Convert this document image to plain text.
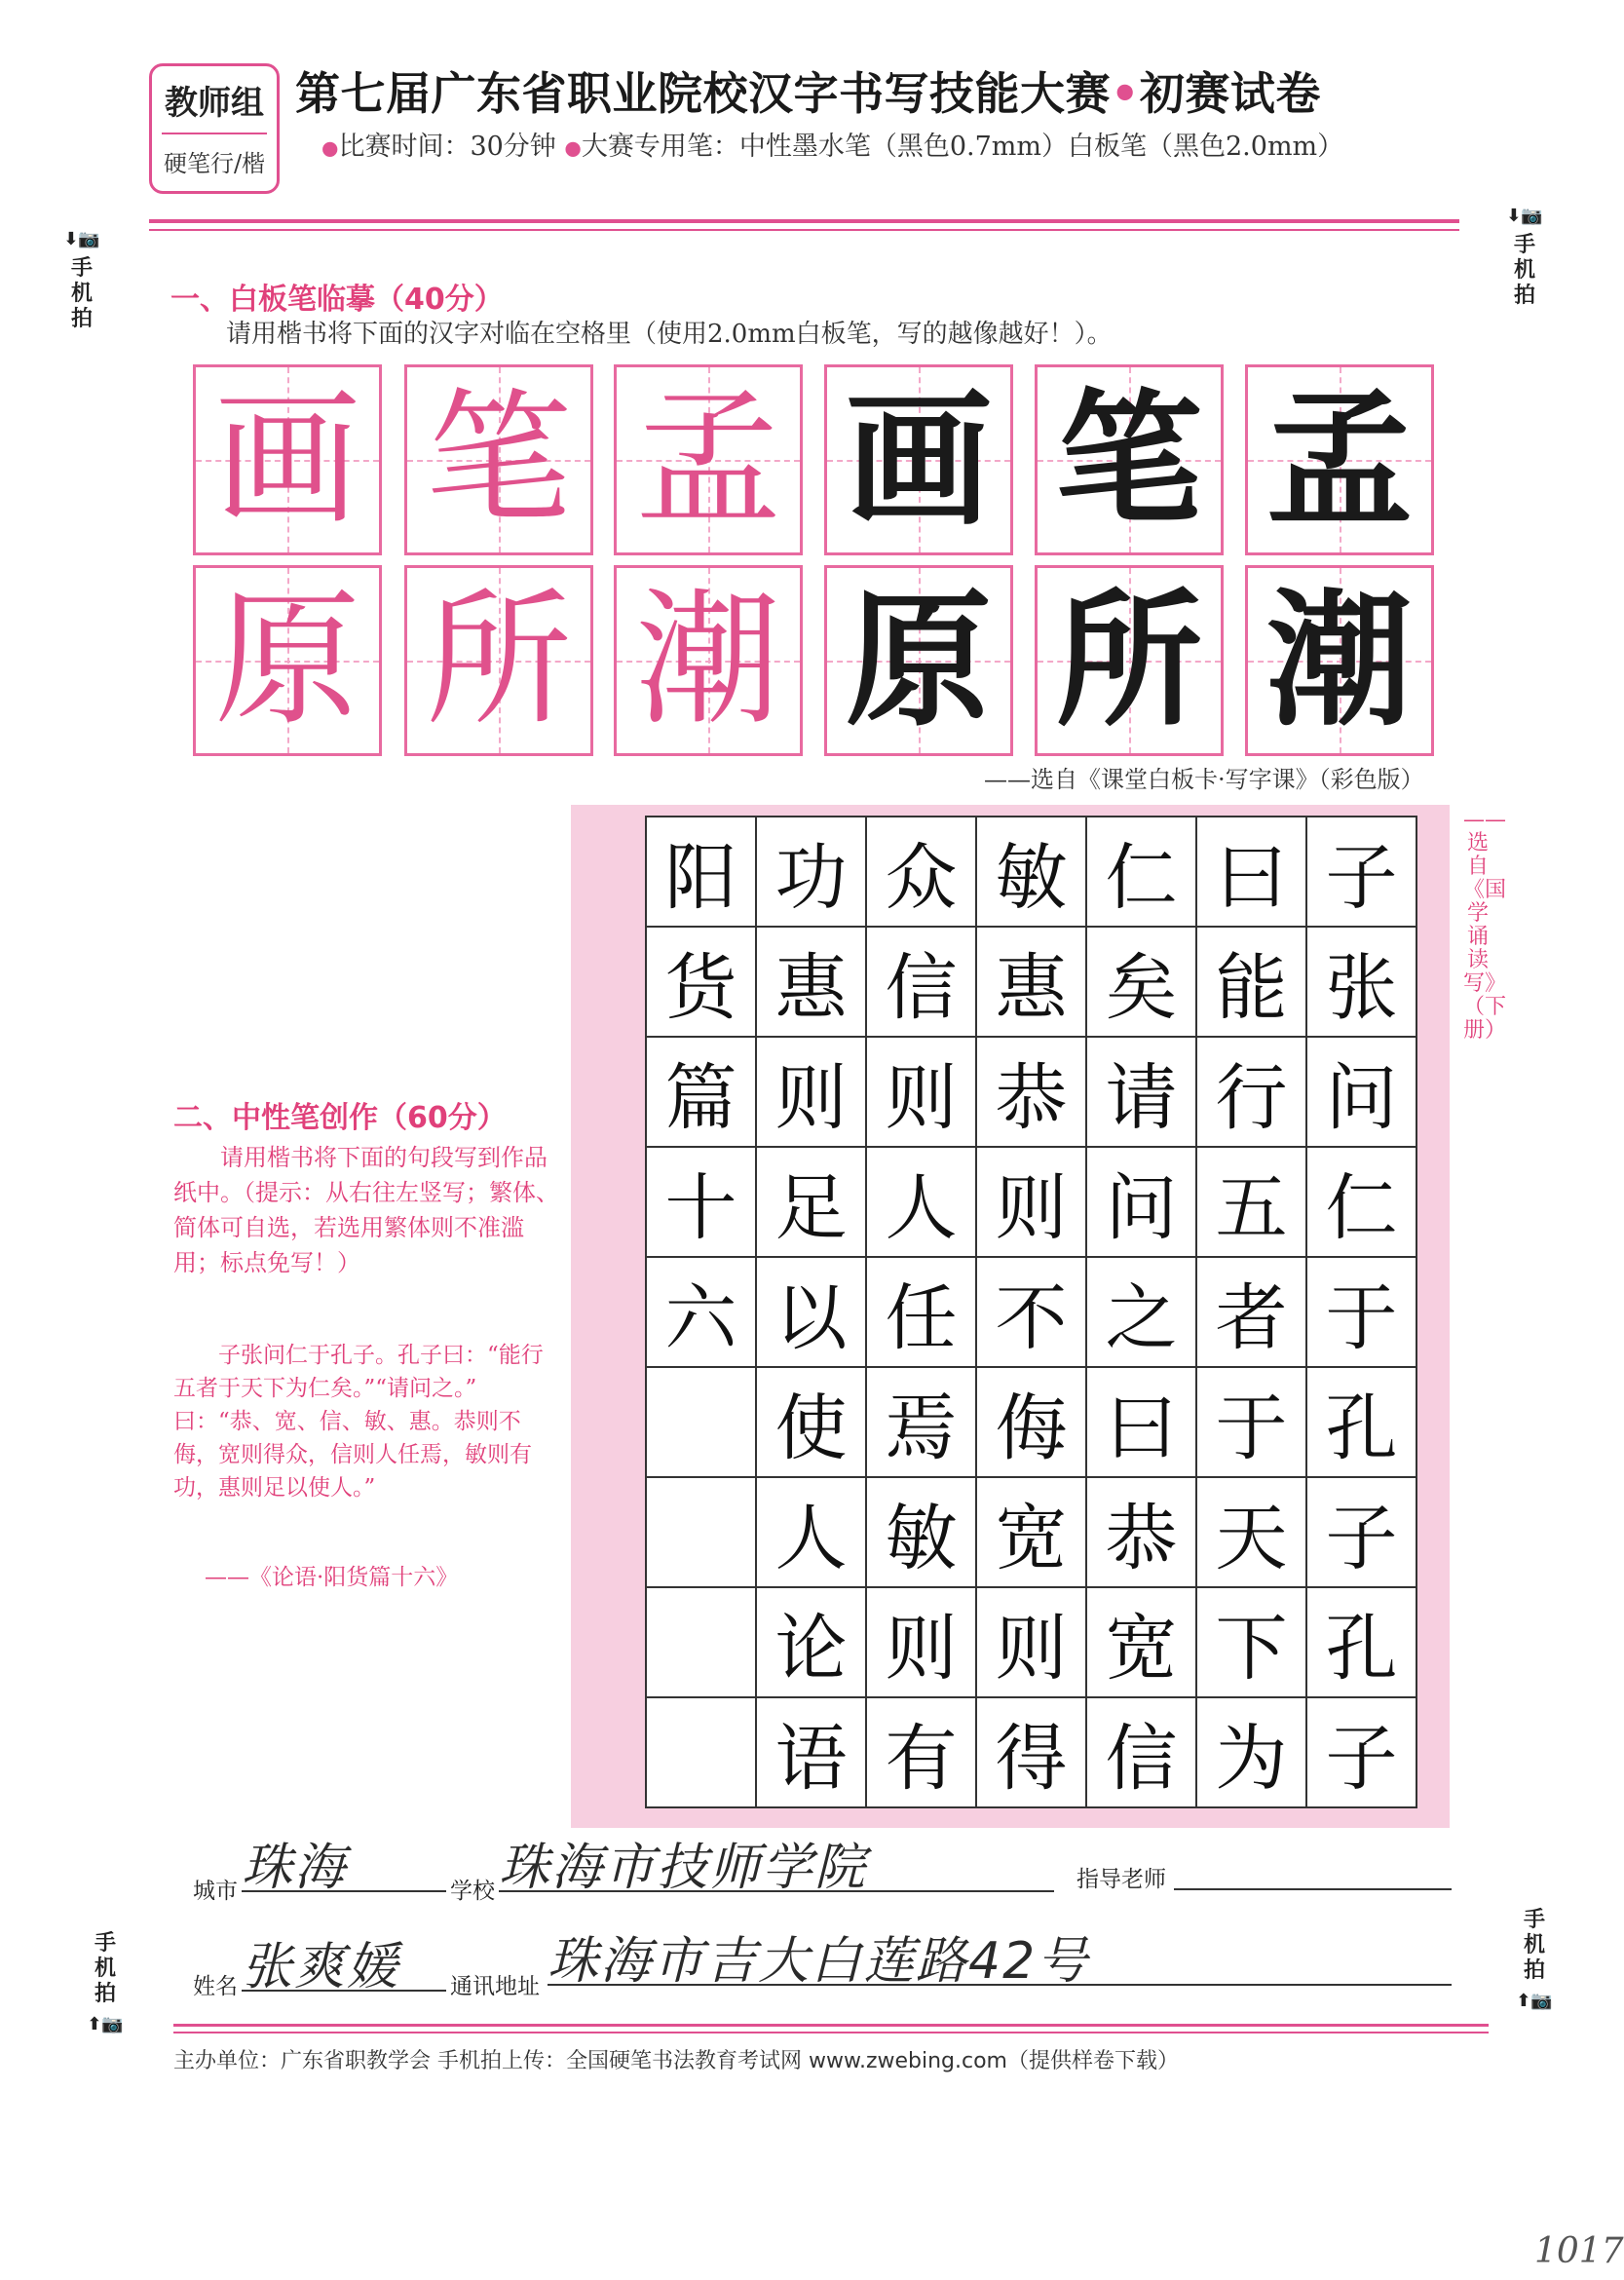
教师组
硬笔行/楷
第七届广东省职业院校汉字书写技能大赛•初赛试卷
●比赛时间：30分钟 ●大赛专用笔：中性墨水笔（黑色0.7mm）白板笔（黑色2.0mm）
⬇📷
手机拍
⬇📷
手机拍
手机拍
⬆📷
手机拍
⬆📷
一、白板笔临摹（40分）
请用楷书将下面的汉字对临在空格里（使用2.0mm白板笔，写的越像越好！）。
画 笔 孟 画 笔 孟
原 所 潮 原 所 潮
——选自《课堂白板卡·写字课》（彩色版）
阳	功	众	敏	仁	曰	子
货	惠	信	惠	矣	能	张
篇	则	则	恭	请	行	问
十	足	人	则	问	五	仁
六	以	任	不	之	者	于
	使	焉	侮	曰	于	孔
	人	敏	宽	恭	天	子
	论	则	则	宽	下	孔
	语	有	得	信	为	子
——选自《国学诵读写》（下册）
二、中性笔创作（60分）
请用楷书将下面的句段写到作品纸中。（提示：从右往左竖写；繁体、简体可自选，若选用繁体则不准滥用；标点免写！）
子张问仁于孔子。孔子曰：“能行五者于天下为仁矣。”“请问之。” 曰：“恭、宽、信、敏、惠。恭则不侮，宽则得众，信则人任焉，敏则有功，惠则足以使人。”
——《论语·阳货篇十六》
城市 珠海	学校 珠海市技师学院	指导老师
姓名 张爽媛	通讯地址 珠海市吉大白莲路42号
主办单位：广东省职教学会 手机拍上传：全国硬笔书法教育考试网 www.zwebing.com（提供样卷下载）
1017
